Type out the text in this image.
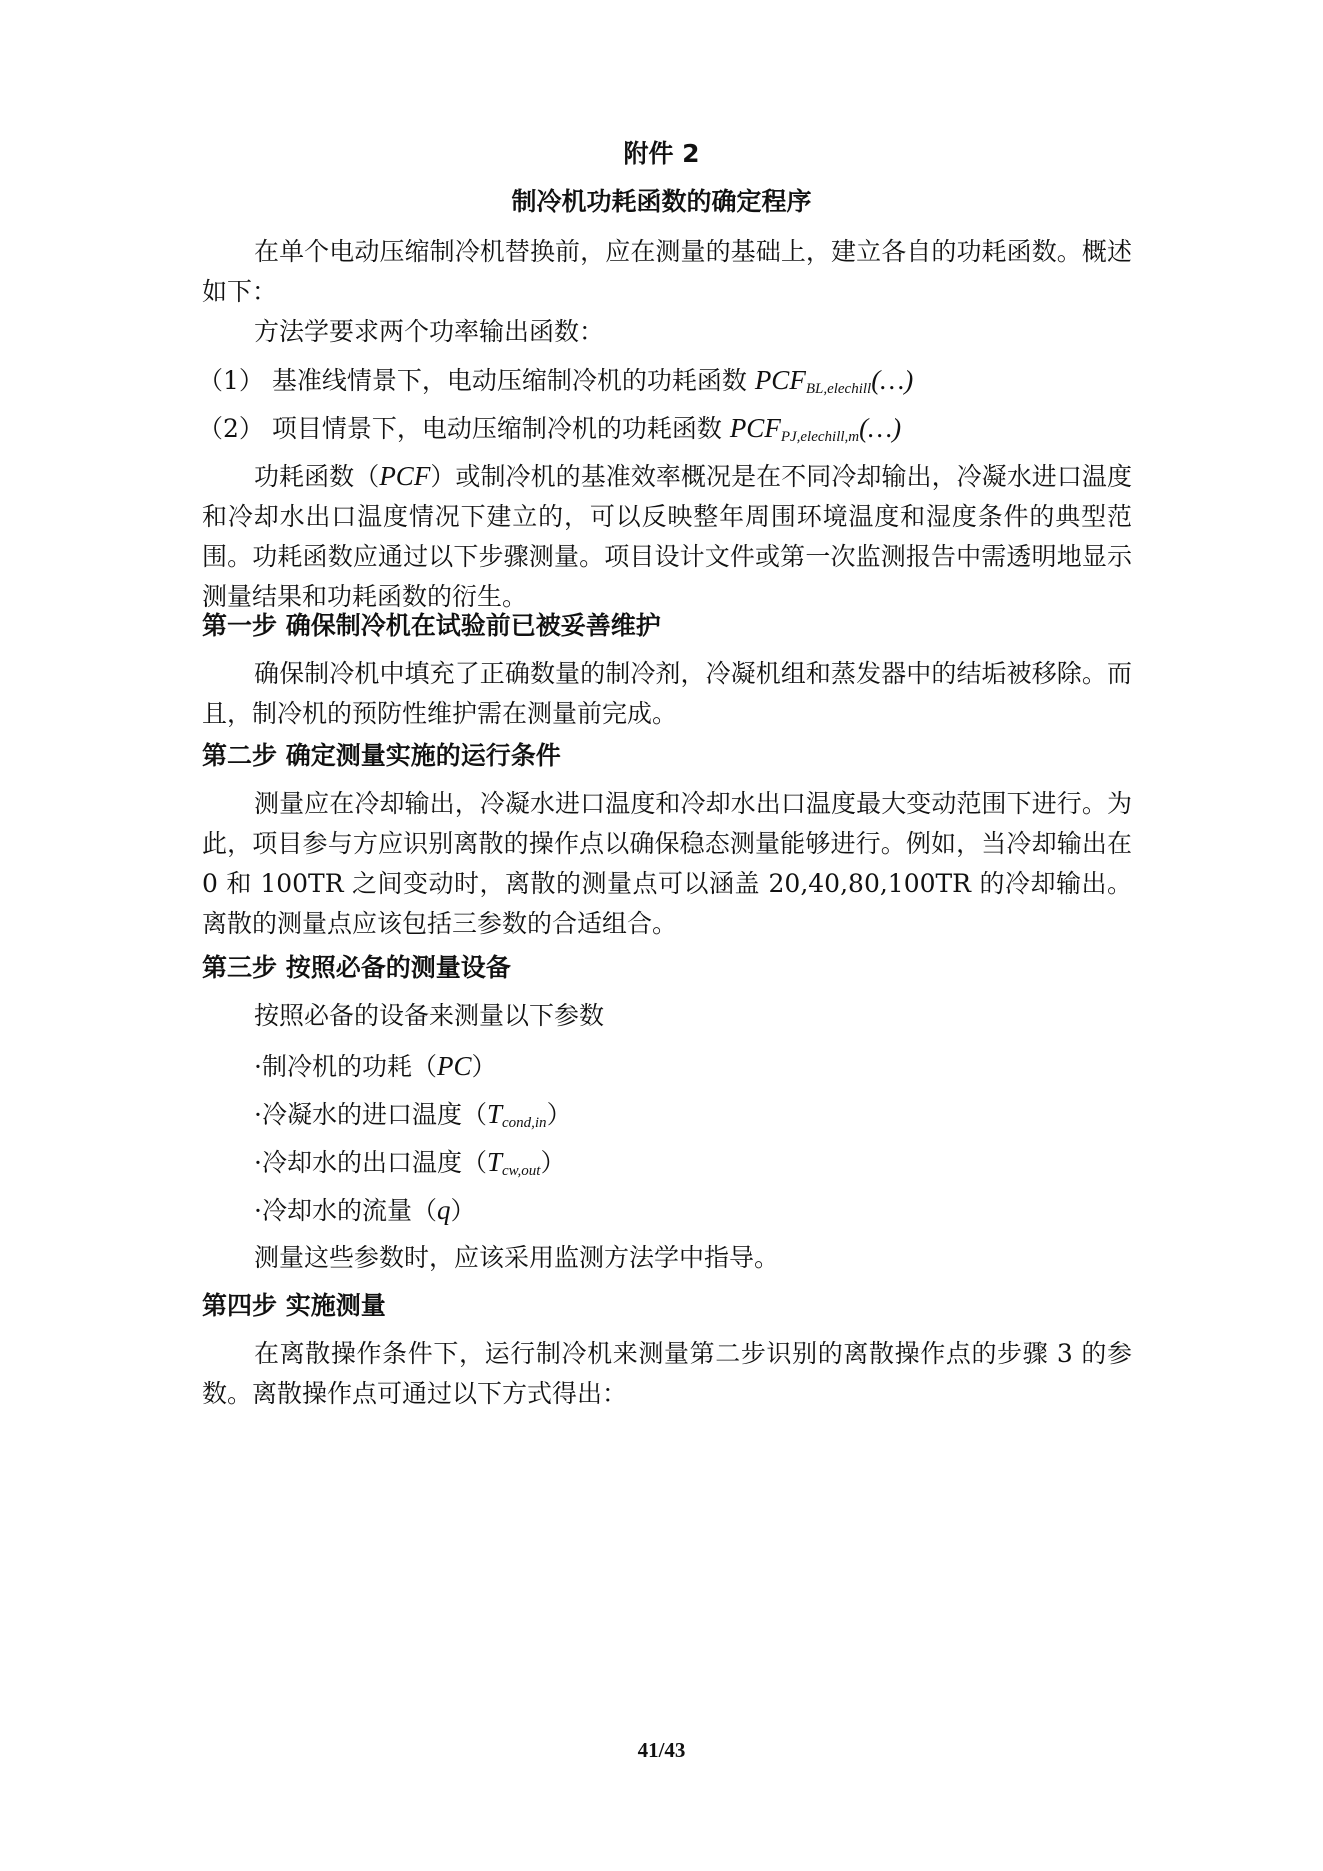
附件 2

制冷机功耗函数的确定程序

在单个电动压缩制冷机替换前，应在测量的基础上，建立各自的功耗函数。概述如下：

方法学要求两个功率输出函数：

（1） 基准线情景下，电动压缩制冷机的功耗函数 $PCF_{BL,elechill}(\dots)$

（2） 项目情景下，电动压缩制冷机的功耗函数 $PCF_{PJ,elechill,m}(\dots)$

功耗函数（PCF）或制冷机的基准效率概况是在不同冷却输出，冷凝水进口温度和冷却水出口温度情况下建立的，可以反映整年周围环境温度和湿度条件的典型范围。功耗函数应通过以下步骤测量。项目设计文件或第一次监测报告中需透明地显示测量结果和功耗函数的衍生。

第一步 确保制冷机在试验前已被妥善维护

确保制冷机中填充了正确数量的制冷剂，冷凝机组和蒸发器中的结垢被移除。而且，制冷机的预防性维护需在测量前完成。

第二步 确定测量实施的运行条件

测量应在冷却输出，冷凝水进口温度和冷却水出口温度最大变动范围下进行。为此，项目参与方应识别离散的操作点以确保稳态测量能够进行。例如，当冷却输出在 0 和 100TR 之间变动时，离散的测量点可以涵盖 20,40,80,100TR 的冷却输出。离散的测量点应该包括三参数的合适组合。

第三步 按照必备的测量设备

按照必备的设备来测量以下参数

·制冷机的功耗（PC）

·冷凝水的进口温度$(T_{cond,in})$

·冷却水的出口温度$(T_{cw,out})$

·冷却水的流量（q）

测量这些参数时，应该采用监测方法学中指导。

第四步 实施测量

在离散操作条件下，运行制冷机来测量第二步识别的离散操作点的步骤 3 的参数。离散操作点可通过以下方式得出：

41/43
